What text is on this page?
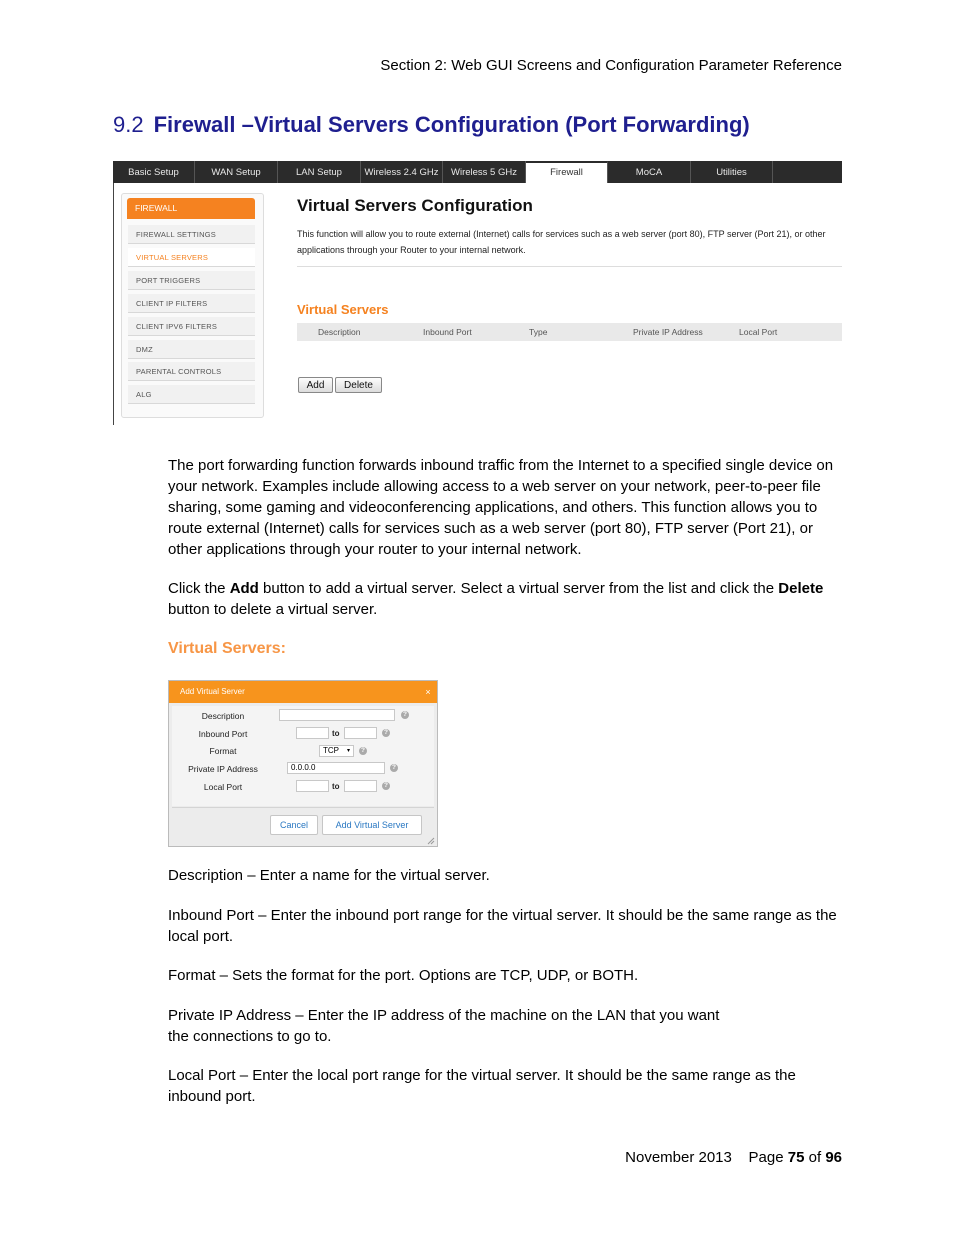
Section 2: Web GUI Screens and Configuration Parameter Reference
9.2 Firewall –Virtual Servers Configuration (Port Forwarding)
Basic Setup	WAN Setup	LAN Setup	Wireless 2.4 GHz	Wireless 5 GHz	Firewall	MoCA	Utilities
FIREWALL
FIREWALL SETTINGS
VIRTUAL SERVERS
PORT TRIGGERS
CLIENT IP FILTERS
CLIENT IPV6 FILTERS
DMZ
PARENTAL CONTROLS
ALG
Virtual Servers Configuration
This function will allow you to route external (Internet) calls for services such as a web server (port 80), FTP server (Port 21), or other applications through your Router to your internal network.
Virtual Servers
Description	Inbound Port	Type	Private IP Address	Local Port
Add	Delete
The port forwarding function forwards inbound traffic from the Internet to a specified single device on your network. Examples include allowing access to a web server on your network, peer-to-peer file sharing, some gaming and videoconferencing applications, and others. This function allows you to route external (Internet) calls for services such as a web server (port 80), FTP server (Port 21), or other applications through your router to your internal network.
Click the Add button to add a virtual server. Select a virtual server from the list and click the Delete button to delete a virtual server.
Virtual Servers:
Add Virtual Server	×
Description	?
Inbound Port	to	?
Format	TCP ▾	?
Private IP Address	0.0.0.0	?
Local Port	to	?
Cancel	Add Virtual Server
Description – Enter a name for the virtual server.
Inbound Port – Enter the inbound port range for the virtual server. It should be the same range as the local port.
Format – Sets the format for the port. Options are TCP, UDP, or BOTH.
Private IP Address – Enter the IP address of the machine on the LAN that you want
the connections to go to.
Local Port – Enter the local port range for the virtual server. It should be the same range as the inbound port.
November 2013 Page 75 of 96
